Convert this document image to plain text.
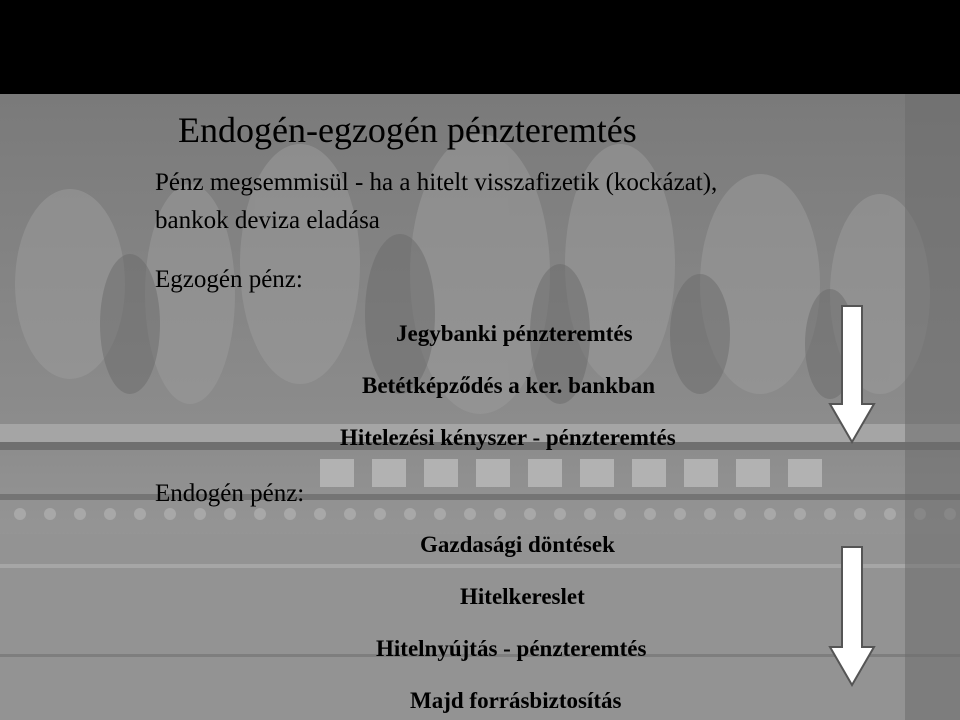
Endogén-egzogén pénzteremtés
Pénz megsemmisül - ha a hitelt visszafizetik (kockázat),
bankok deviza eladása
Egzogén pénz:
Jegybanki pénzteremtés
Betétképződés a ker. bankban
Hitelezési kényszer - pénzteremtés
Endogén pénz:
Gazdasági döntések
Hitelkereslet
Hitelnyújtás - pénzteremtés
Majd forrásbiztosítás
